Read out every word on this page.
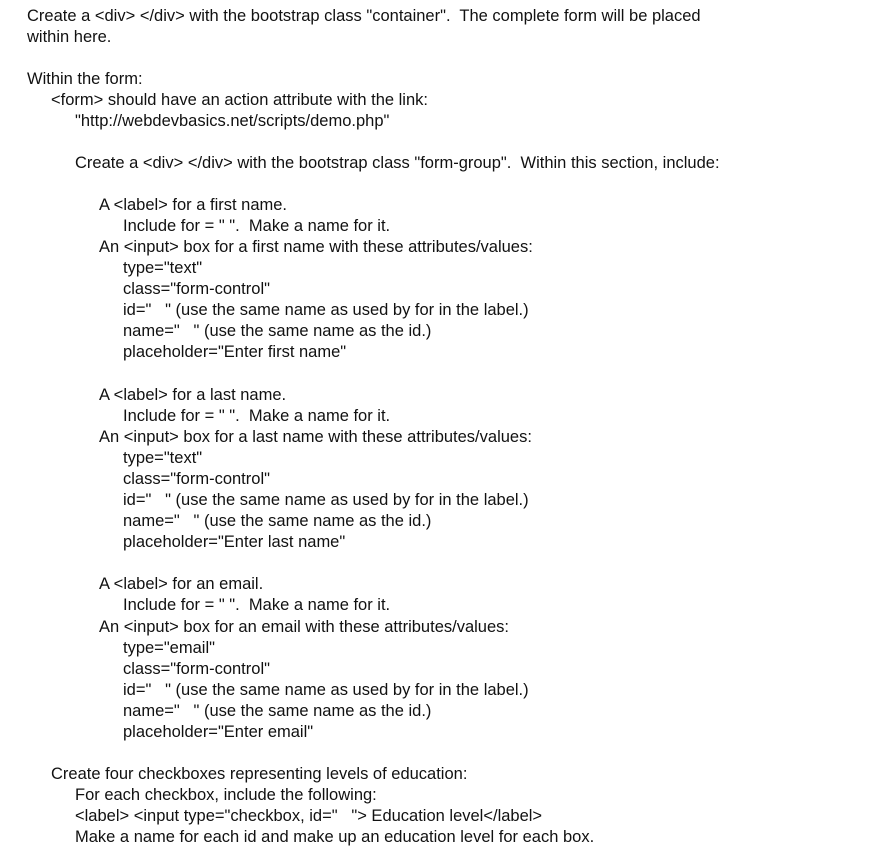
Create a <div> </div> with the bootstrap class "container".  The complete form will be placed
within here.
Within the form:
<form> should have an action attribute with the link:
"http://webdevbasics.net/scripts/demo.php"
Create a <div> </div> with the bootstrap class "form-group".  Within this section, include:
A <label> for a first name.
Include for = " ".  Make a name for it.
An <input> box for a first name with these attributes/values:
type="text"
class="form-control"
id="   " (use the same name as used by for in the label.)
name="   " (use the same name as the id.)
placeholder="Enter first name"
A <label> for a last name.
Include for = " ".  Make a name for it.
An <input> box for a last name with these attributes/values:
type="text"
class="form-control"
id="   " (use the same name as used by for in the label.)
name="   " (use the same name as the id.)
placeholder="Enter last name"
A <label> for an email.
Include for = " ".  Make a name for it.
An <input> box for an email with these attributes/values:
type="email"
class="form-control"
id="   " (use the same name as used by for in the label.)
name="   " (use the same name as the id.)
placeholder="Enter email"
Create four checkboxes representing levels of education:
For each checkbox, include the following:
<label> <input type="checkbox, id="   "> Education level</label>
Make a name for each id and make up an education level for each box.
